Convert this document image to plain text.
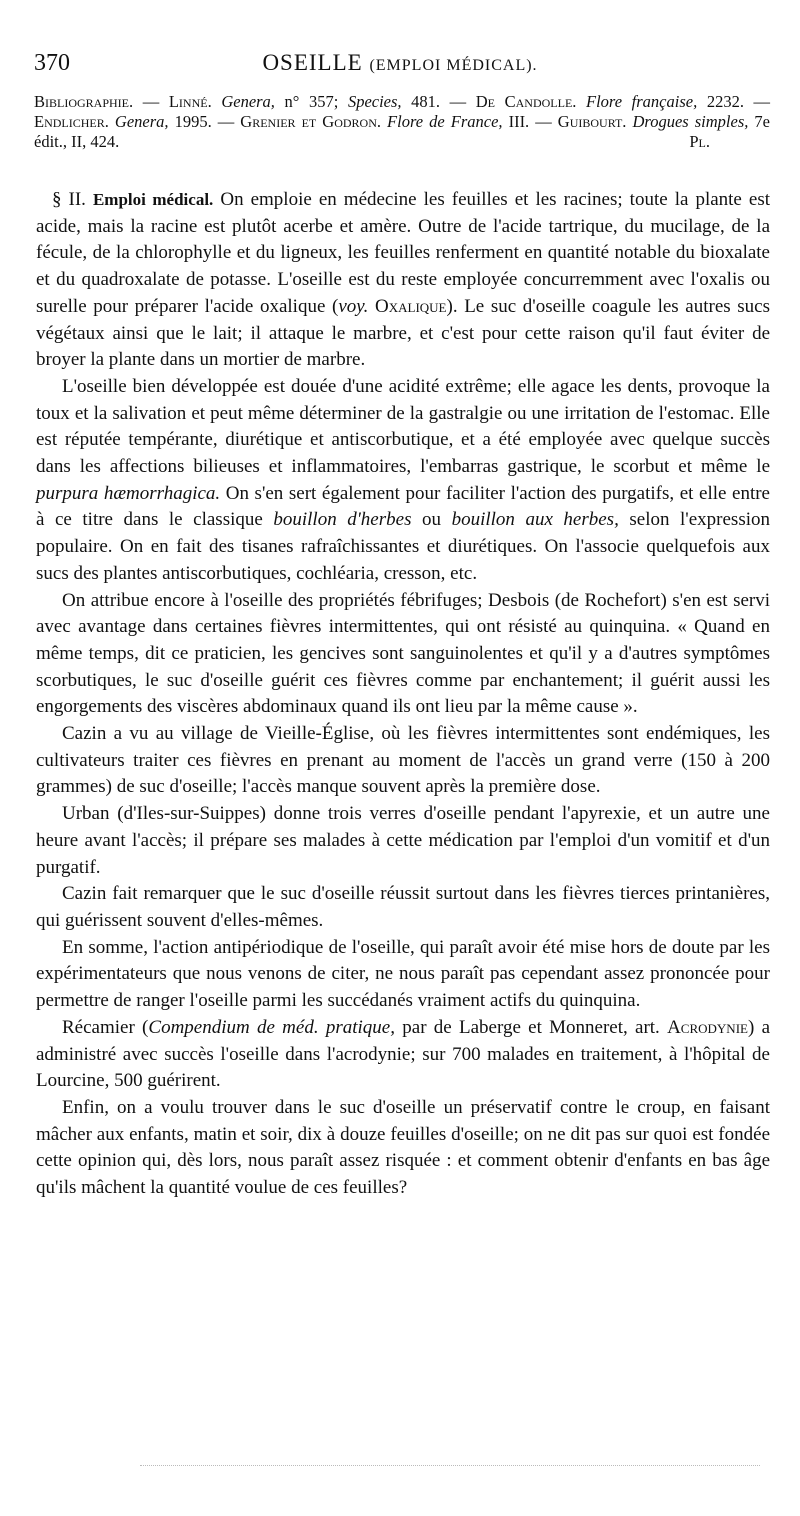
370	OSEILLE (EMPLOI MÉDICAL).
Bibliographie. — Linné. Genera, n° 357; Species, 481. — De Candolle. Flore française, 2232. — Endlicher. Genera, 1995. — Grenier et Godron. Flore de France, III. — Guibourt. Drogues simples, 7e édit., II, 424.	Pl.

§ II. Emploi médical. On emploie en médecine les feuilles et les racines; toute la plante est acide, mais la racine est plutôt acerbe et amère. Outre de l'acide tartrique, du mucilage, de la fécule, de la chlorophylle et du ligneux, les feuilles renferment en quantité notable du bioxalate et du quadroxalate de potasse. L'oseille est du reste employée concurremment avec l'oxalis ou surelle pour préparer l'acide oxalique (voy. Oxalique). Le suc d'oseille coagule les autres sucs végétaux ainsi que le lait; il attaque le marbre, et c'est pour cette raison qu'il faut éviter de broyer la plante dans un mortier de marbre.

L'oseille bien développée est douée d'une acidité extrême; elle agace les dents, provoque la toux et la salivation et peut même déterminer de la gastralgie ou une irritation de l'estomac. Elle est réputée tempérante, diurétique et antiscorbutique, et a été employée avec quelque succès dans les affections bilieuses et inflammatoires, l'embarras gastrique, le scorbut et même le purpura hæmorrhagica. On s'en sert également pour faciliter l'action des purgatifs, et elle entre à ce titre dans le classique bouillon d'herbes ou bouillon aux herbes, selon l'expression populaire. On en fait des tisanes rafraîchissantes et diurétiques. On l'associe quelquefois aux sucs des plantes antiscorbutiques, cochléaria, cresson, etc.

On attribue encore à l'oseille des propriétés fébrifuges; Desbois (de Rochefort) s'en est servi avec avantage dans certaines fièvres intermittentes, qui ont résisté au quinquina. « Quand en même temps, dit ce praticien, les gencives sont sanguinolentes et qu'il y a d'autres symptômes scorbutiques, le suc d'oseille guérit ces fièvres comme par enchantement; il guérit aussi les engorgements des viscères abdominaux quand ils ont lieu par la même cause ».

Cazin a vu au village de Vieille-Église, où les fièvres intermittentes sont endémiques, les cultivateurs traiter ces fièvres en prenant au moment de l'accès un grand verre (150 à 200 grammes) de suc d'oseille; l'accès manque souvent après la première dose.

Urban (d'Iles-sur-Suippes) donne trois verres d'oseille pendant l'apyrexie, et un autre une heure avant l'accès; il prépare ses malades à cette médication par l'emploi d'un vomitif et d'un purgatif.

Cazin fait remarquer que le suc d'oseille réussit surtout dans les fièvres tierces printanières, qui guérissent souvent d'elles-mêmes.

En somme, l'action antipériodique de l'oseille, qui paraît avoir été mise hors de doute par les expérimentateurs que nous venons de citer, ne nous paraît pas cependant assez prononcée pour permettre de ranger l'oseille parmi les succédanés vraiment actifs du quinquina.

Récamier (Compendium de méd. pratique, par de Laberge et Monneret, art. Acrodynie) a administré avec succès l'oseille dans l'acrodynie; sur 700 malades en traitement, à l'hôpital de Lourcine, 500 guérirent.

Enfin, on a voulu trouver dans le suc d'oseille un préservatif contre le croup, en faisant mâcher aux enfants, matin et soir, dix à douze feuilles d'oseille; on ne dit pas sur quoi est fondée cette opinion qui, dès lors, nous paraît assez risquée : et comment obtenir d'enfants en bas âge qu'ils mâchent la quantité voulue de ces feuilles?
